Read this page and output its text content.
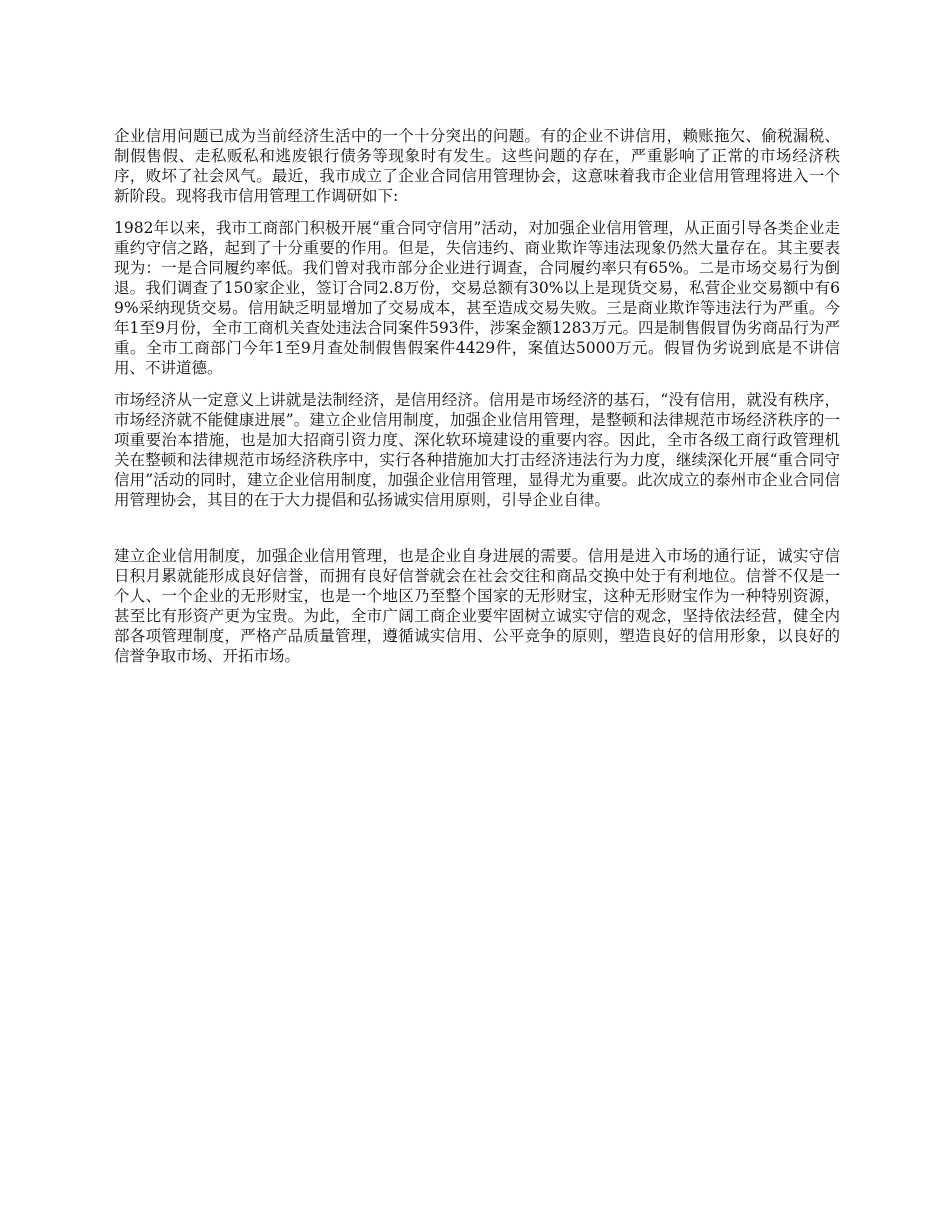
企业信用问题已成为当前经济生活中的一个十分突出的问题。有的企业不讲信用，赖账拖欠、偷税漏税、制假售假、走私贩私和逃废银行债务等现象时有发生。这些问题的存在，严重影响了正常的市场经济秩序，败坏了社会风气。最近，我市成立了企业合同信用管理协会，这意味着我市企业信用管理将进入一个新阶段。现将我市信用管理工作调研如下:

1982年以来，我市工商部门积极开展“重合同守信用”活动，对加强企业信用管理，从正面引导各类企业走重约守信之路，起到了十分重要的作用。但是，失信违约、商业欺诈等违法现象仍然大量存在。其主要表现为：一是合同履约率低。我们曾对我市部分企业进行调查，合同履约率只有65%。二是市场交易行为倒退。我们调查了150家企业，签订合同2.8万份，交易总额有30%以上是现货交易，私营企业交易额中有69%采纳现货交易。信用缺乏明显增加了交易成本，甚至造成交易失败。三是商业欺诈等违法行为严重。今年1至9月份，全市工商机关查处违法合同案件593件，涉案金额1283万元。四是制售假冒伪劣商品行为严重。全市工商部门今年1至9月查处制假售假案件4429件，案值达5000万元。假冒伪劣说到底是不讲信用、不讲道德。

市场经济从一定意义上讲就是法制经济，是信用经济。信用是市场经济的基石，“没有信用，就没有秩序，市场经济就不能健康进展”。建立企业信用制度，加强企业信用管理，是整顿和法律规范市场经济秩序的一项重要治本措施，也是加大招商引资力度、深化软环境建设的重要内容。因此，全市各级工商行政管理机关在整顿和法律规范市场经济秩序中，实行各种措施加大打击经济违法行为力度，继续深化开展“重合同守信用”活动的同时，建立企业信用制度，加强企业信用管理，显得尤为重要。此次成立的泰州市企业合同信用管理协会，其目的在于大力提倡和弘扬诚实信用原则，引导企业自律。

建立企业信用制度，加强企业信用管理，也是企业自身进展的需要。信用是进入市场的通行证，诚实守信日积月累就能形成良好信誉，而拥有良好信誉就会在社会交往和商品交换中处于有利地位。信誉不仅是一个人、一个企业的无形财宝，也是一个地区乃至整个国家的无形财宝，这种无形财宝作为一种特别资源，甚至比有形资产更为宝贵。为此，全市广阔工商企业要牢固树立诚实守信的观念，坚持依法经营，健全内部各项管理制度，严格产品质量管理，遵循诚实信用、公平竞争的原则，塑造良好的信用形象，以良好的信誉争取市场、开拓市场。
